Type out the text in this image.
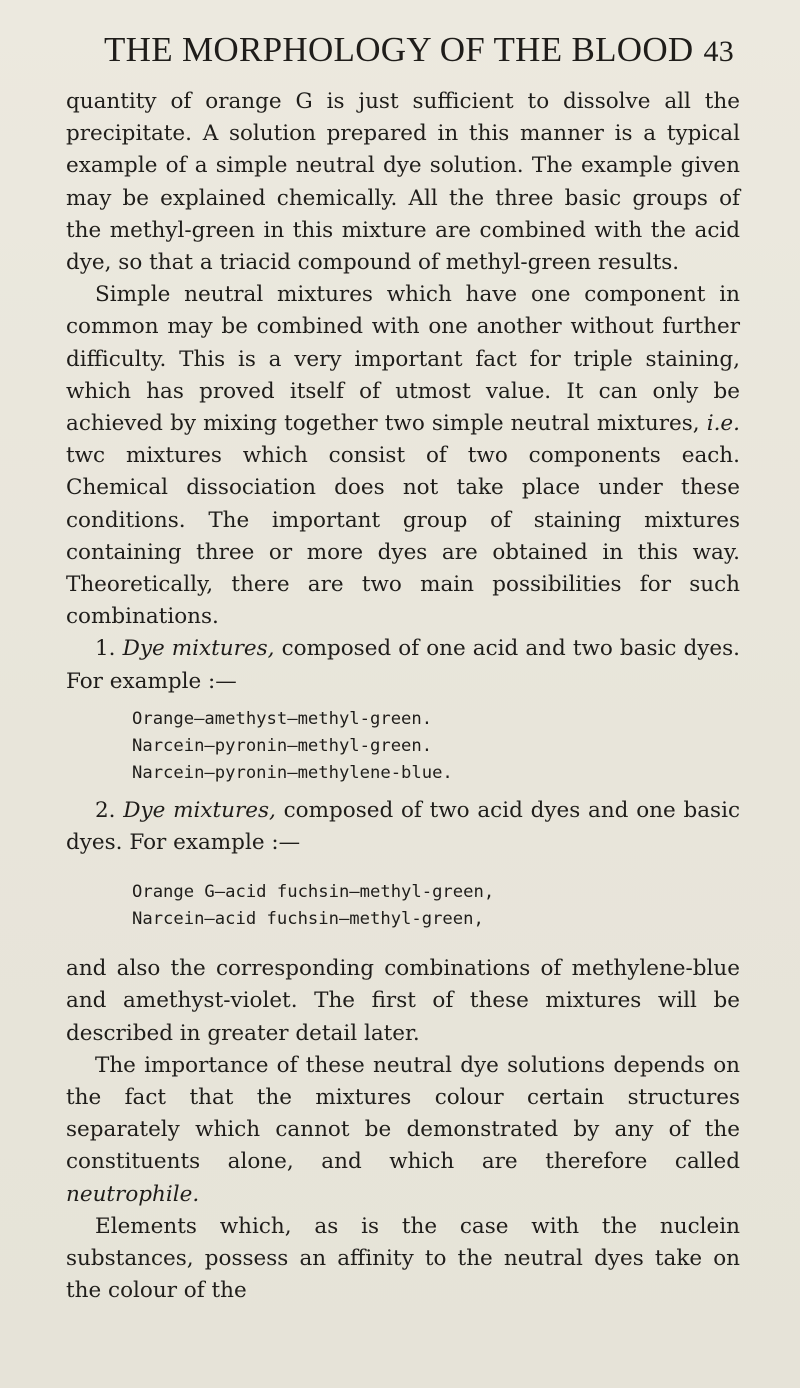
THE MORPHOLOGY OF THE BLOOD 43

quantity of orange G is just sufficient to dissolve all the precipitate. A solution prepared in this manner is a typical example of a simple neutral dye solution. The example given may be explained chemically. All the three basic groups of the methyl-green in this mixture are combined with the acid dye, so that a triacid compound of methyl-green results.

Simple neutral mixtures which have one component in common may be combined with one another without further difficulty. This is a very important fact for triple staining, which has proved itself of utmost value. It can only be achieved by mixing together two simple neutral mixtures, i.e. twc mixtures which consist of two components each. Chemical dissociation does not take place under these conditions. The important group of staining mixtures containing three or more dyes are obtained in this way. Theoretically, there are two main possibilities for such combinations.

1. Dye mixtures, composed of one acid and two basic dyes. For example :—

Orange–amethyst–methyl-green.
Narcein–pyronin–methyl-green.
Narcein–pyronin–methylene-blue.

2. Dye mixtures, composed of two acid dyes and one basic dyes. For example :—

Orange G–acid fuchsin–methyl-green,
Narcein–acid fuchsin–methyl-green,

and also the corresponding combinations of methylene-blue and amethyst-violet. The first of these mixtures will be described in greater detail later.

The importance of these neutral dye solutions depends on the fact that the mixtures colour certain structures separately which cannot be demonstrated by any of the constituents alone, and which are therefore called neutrophile.

Elements which, as is the case with the nuclein substances, possess an affinity to the neutral dyes take on the colour of the
